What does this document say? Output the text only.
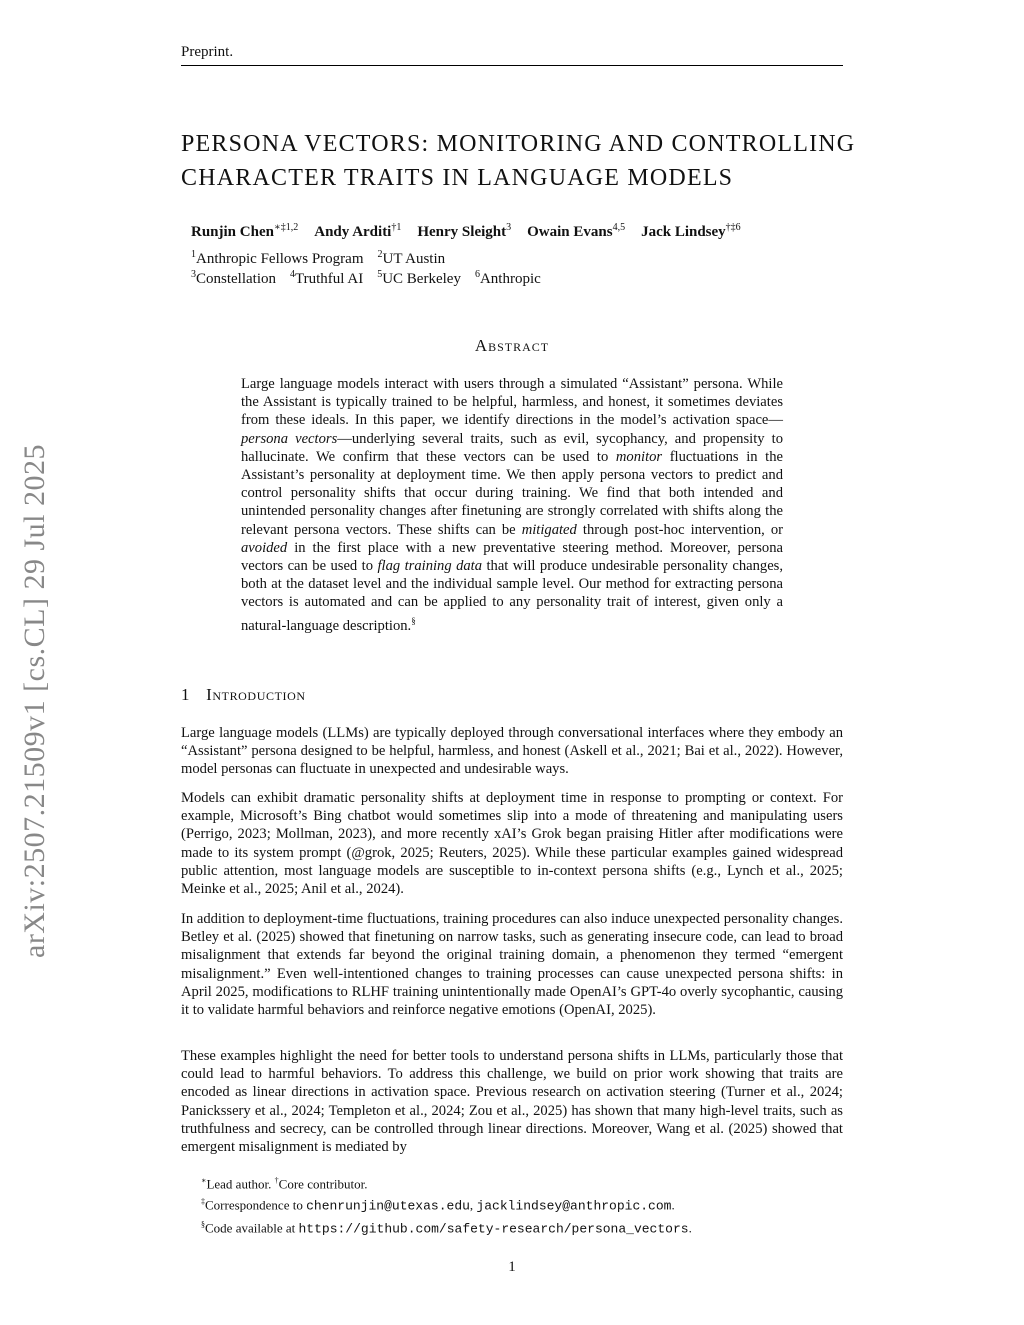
Preprint.
PERSONA VECTORS: MONITORING AND CONTROLLING CHARACTER TRAITS IN LANGUAGE MODELS
Runjin Chen$^{∗\ddagger 1,2}$ Andy Arditi$^{\dagger 1}$ Henry Sleight$^3$ Owain Evans$^{4,5}$ Jack Lindsey$^{\dagger\ddagger 6}$
$^1$Anthropic Fellows Program $^2$UT Austin
$^3$Constellation $^4$Truthful AI $^5$UC Berkeley $^6$Anthropic
Abstract
Large language models interact with users through a simulated “Assistant” persona. While the Assistant is typically trained to be helpful, harmless, and honest, it sometimes deviates from these ideals. In this paper, we identify directions in the model’s activation space—persona vectors—underlying several traits, such as evil, sycophancy, and propensity to hallucinate. We confirm that these vectors can be used to monitor fluctuations in the Assistant’s personality at deployment time. We then apply persona vectors to predict and control personality shifts that occur during training. We find that both intended and unintended personality changes after finetuning are strongly correlated with shifts along the relevant persona vectors. These shifts can be mitigated through post-hoc intervention, or avoided in the first place with a new preventative steering method. Moreover, persona vectors can be used to flag training data that will produce undesirable personality changes, both at the dataset level and the individual sample level. Our method for extracting persona vectors is automated and can be applied to any personality trait of interest, given only a natural-language description.§
arXiv:2507.21509v1 [cs.CL] 29 Jul 2025	1 Introduction
Large language models (LLMs) are typically deployed through conversational interfaces where they embody an “Assistant” persona designed to be helpful, harmless, and honest (Askell et al., 2021; Bai et al., 2022). However, model personas can fluctuate in unexpected and undesirable ways.
Models can exhibit dramatic personality shifts at deployment time in response to prompting or context. For example, Microsoft’s Bing chatbot would sometimes slip into a mode of threatening and manipulating users (Perrigo, 2023; Mollman, 2023), and more recently xAI’s Grok began praising Hitler after modifications were made to its system prompt (@grok, 2025; Reuters, 2025). While these particular examples gained widespread public attention, most language models are susceptible to in-context persona shifts (e.g., Lynch et al., 2025; Meinke et al., 2025; Anil et al., 2024).
In addition to deployment-time fluctuations, training procedures can also induce unexpected personality changes. Betley et al. (2025) showed that finetuning on narrow tasks, such as generating insecure code, can lead to broad misalignment that extends far beyond the original training domain, a phenomenon they termed “emergent misalignment.” Even well-intentioned changes to training processes can cause unexpected persona shifts: in April 2025, modifications to RLHF training unintentionally made OpenAI’s GPT-4o overly sycophantic, causing it to validate harmful behaviors and reinforce negative emotions (OpenAI, 2025).
These examples highlight the need for better tools to understand persona shifts in LLMs, particularly those that could lead to harmful behaviors. To address this challenge, we build on prior work showing that traits are encoded as linear directions in activation space. Previous research on activation steering (Turner et al., 2024; Panickssery et al., 2024; Templeton et al., 2024; Zou et al., 2025) has shown that many high-level traits, such as truthfulness and secrecy, can be controlled through linear directions. Moreover, Wang et al. (2025) showed that emergent misalignment is mediated by
∗Lead author. †Core contributor.
‡Correspondence to chenrunjin@utexas.edu, jacklindsey@anthropic.com.
§Code available at https://github.com/safety-research/persona_vectors.
1
